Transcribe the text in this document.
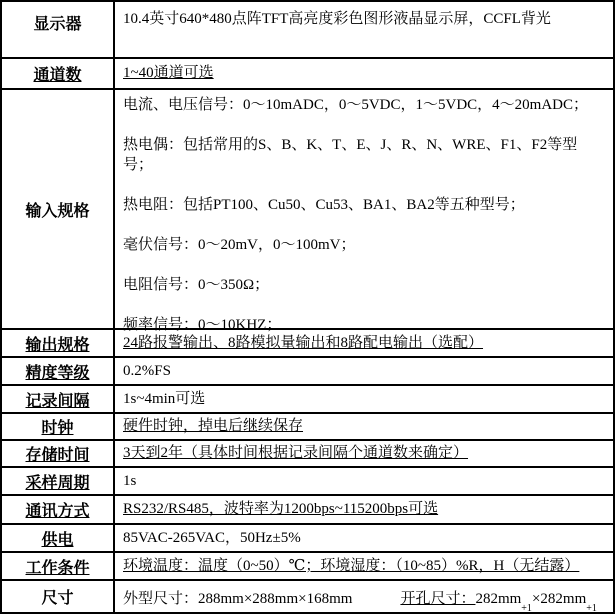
显示器	10.4英寸640*480点阵TFT高亮度彩色图形液晶显示屏，CCFL背光
通道数	1~40通道可选
输入规格

电流、电压信号：0～10mADC，0～5VDC，1～5VDC，4～20mADC；

热电偶：包括常用的S、B、K、T、E、J、R、N、WRE、F1、F2等型号；

热电阻：包括PT100、Cu50、Cu53、BA1、BA2等五种型号；

毫伏信号：0～20mV，0～100mV；

电阻信号：0～350Ω；

频率信号：0～10KHZ；

输出规格 24路报警输出、8路模拟量输出和8路配电输出（选配）
精度等级 0.2%FS
记录间隔 1s~4min可选
时钟	硬件时钟，掉电后继续保存
存储时间 3天到2年（具体时间根据记录间隔个通道数来确定）
采样周期 1s
通讯方式 RS232/RS485，波特率为1200bps~115200bps可选
供电	85VAC-265VAC，50Hz±5%
工作条件 环境温度：温度（0~50）℃；环境湿度：（10~85）%R，H（无结露）
尺寸	外型尺寸：288mm×288mm×168mm	开孔尺寸： 282mm
+1
× 282mm
+1
